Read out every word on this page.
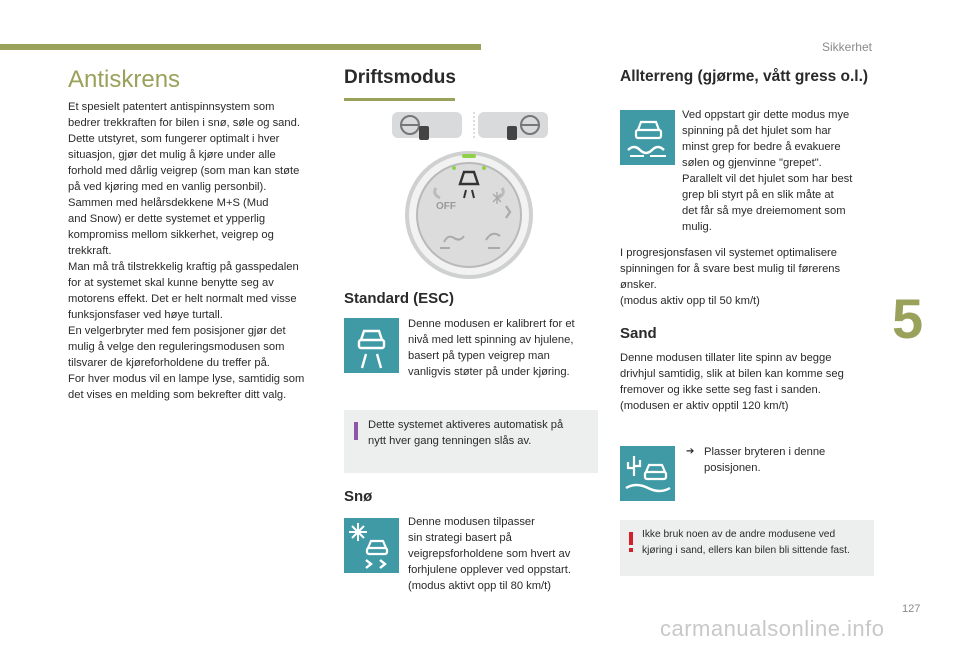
Sikkerhet
5
127
carmanualsonline.info
Antiskrens
Et spesielt patentert antispinnsystem som
bedrer trekkraften for bilen i snø, søle og sand.
Dette utstyret, som fungerer optimalt i hver
situasjon, gjør det mulig å kjøre under alle
forhold med dårlig veigrep (som man kan støte
på ved kjøring med en vanlig personbil).
Sammen med helårsdekkene M+S (Mud
and Snow) er dette systemet et ypperlig
kompromiss mellom sikkerhet, veigrep og
trekkraft.
Man må trå tilstrekkelig kraftig på gasspedalen
for at systemet skal kunne benytte seg av
motorens effekt. Det er helt normalt med visse
funksjonsfaser ved høye turtall.
En velgerbryter med fem posisjoner gjør det
mulig å velge den reguleringsmodusen som
tilsvarer de kjøreforholdene du treffer på.
For hver modus vil en lampe lyse, samtidig som
det vises en melding som bekrefter ditt valg.
Driftsmodus
OFF
Standard (ESC)
Denne modusen er kalibrert for et
nivå med lett spinning av hjulene,
basert på typen veigrep man
vanligvis støter på under kjøring.
Dette systemet aktiveres automatisk på
nytt hver gang tenningen slås av.
Snø
Denne modusen tilpasser
sin strategi basert på
veigrepsforholdene som hvert av
forhjulene opplever ved oppstart.
(modus aktivt opp til 80 km/t)
Allterreng (gjørme, vått gress o.l.)
Ved oppstart gir dette modus mye
spinning på det hjulet som har
minst grep for bedre å evakuere
sølen og gjenvinne "grepet".
Parallelt vil det hjulet som har best
grep bli styrt på en slik måte at
det får så mye dreiemoment som
mulig.
I progresjonsfasen vil systemet optimalisere
spinningen for å svare best mulig til førerens
ønsker.
(modus aktiv opp til 50 km/t)
Sand
Denne modusen tillater lite spinn av begge
drivhjul samtidig, slik at bilen kan komme seg
fremover og ikke sette seg fast i sanden.
(modusen er aktiv opptil 120 km/t)
➔ Plasser bryteren i denne
posisjonen.
Ikke bruk noen av de andre modusene ved
kjøring i sand, ellers kan bilen bli sittende fast.
